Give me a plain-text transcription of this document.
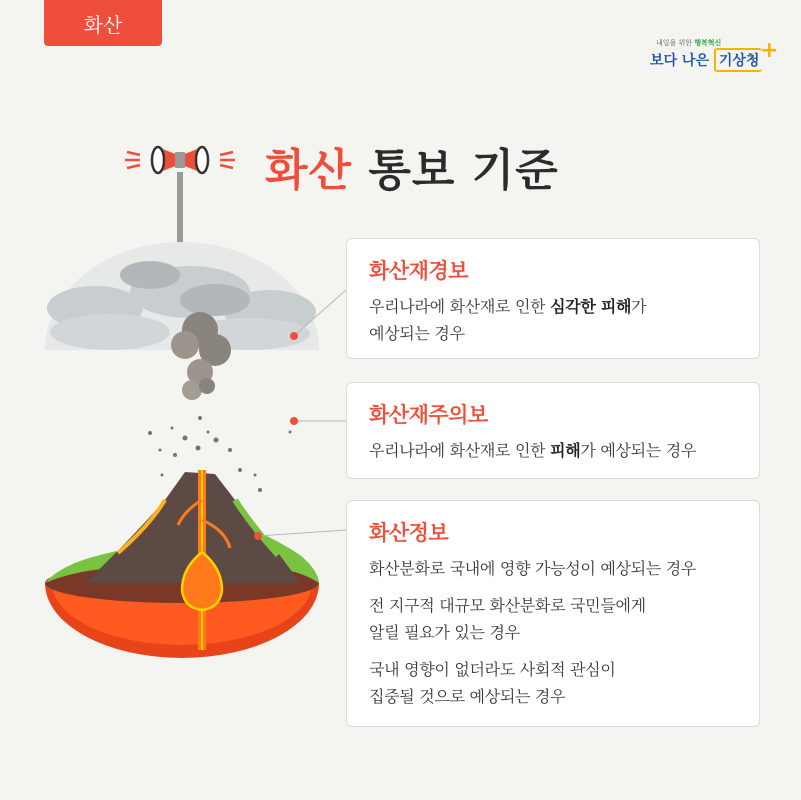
화산
내일을 위한 행복혁신
보다 나은 기상청 +
화산 통보 기준
화산재경보

우리나라에 화산재로 인한 심각한 피해가
예상되는 경우

화산재주의보

우리나라에 화산재로 인한 피해가 예상되는 경우

화산정보

화산분화로 국내에 영향 가능성이 예상되는 경우

전 지구적 대규모 화산분화로 국민들에게
알릴 필요가 있는 경우

국내 영향이 없더라도 사회적 관심이
집중될 것으로 예상되는 경우
